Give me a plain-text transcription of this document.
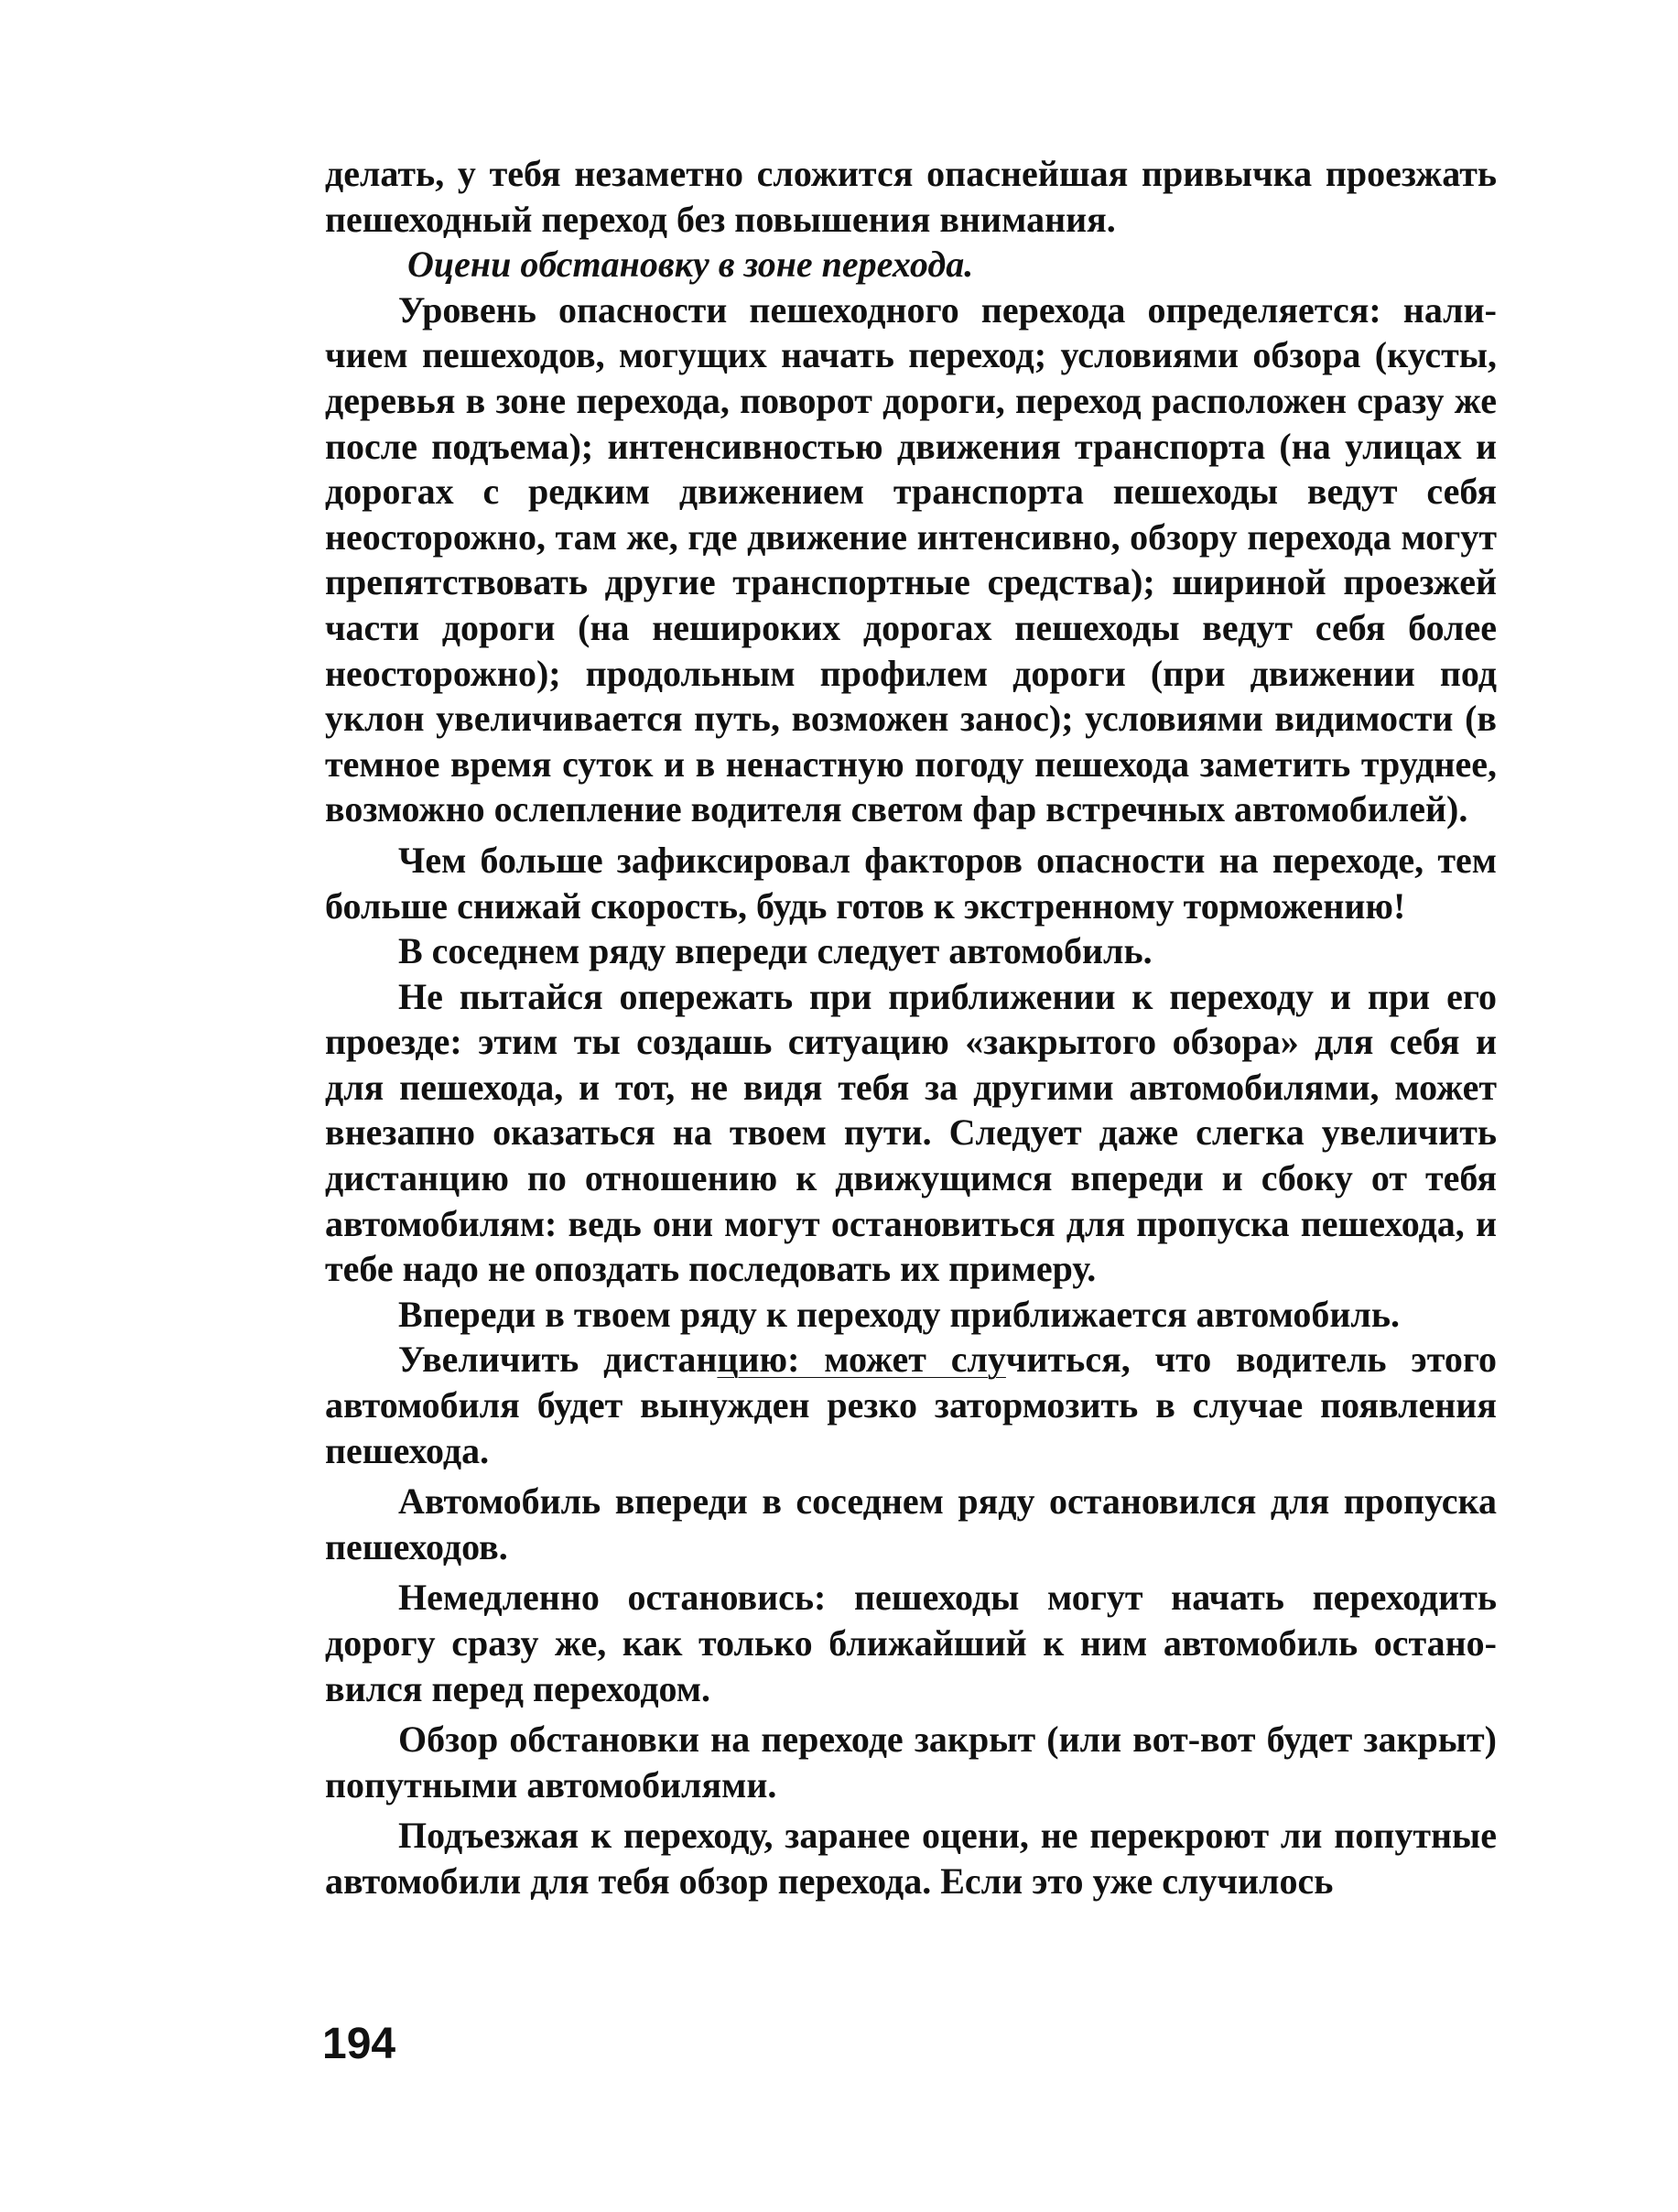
делать, у тебя незаметно сложится опаснейшая привычка проезжать пешеходный переход без повышения внимания.

Оцени обстановку в зоне перехода.

Уровень опасности пешеходного перехода определяется: наличием пешеходов, могущих начать переход; условиями обзора (кусты, деревья в зоне перехода, поворот дороги, переход расположен сразу же после подъема); интенсивностью движения транспорта (на улицах и дорогах с редким движением транспорта пешеходы ведут себя неосторожно, там же, где движение интенсивно, обзору перехода могут препятствовать другие транспортные средства); шириной проезжей части дороги (на нешироких дорогах пешеходы ведут себя более неосторожно); продольным профилем дороги (при движении под уклон увеличивается путь, возможен занос); условиями видимости (в темное время суток и в ненастную погоду пешехода заметить труднее, возможно ослепление водителя светом фар встречных автомобилей).

Чем больше зафиксировал факторов опасности на переходе, тем больше снижай скорость, будь готов к экстренному торможению!

В соседнем ряду впереди следует автомобиль.

Не пытайся опережать при приближении к переходу и при его проезде: этим ты создашь ситуацию «закрытого обзора» для себя и для пешехода, и тот, не видя тебя за другими автомобилями, может внезапно оказаться на твоем пути. Следует даже слегка увеличить дистанцию по отношению к движущимся впереди и сбоку от тебя автомобилям: ведь они могут остановиться для пропуска пешехода, и тебе надо не опоздать последовать их примеру.

Впереди в твоем ряду к переходу приближается автомобиль.

Увеличить дистанцию: может случиться, что водитель этого автомобиля будет вынужден резко затормозить в случае появления пешехода.

Автомобиль впереди в соседнем ряду остановился для пропуска пешеходов.

Немедленно остановись: пешеходы могут начать переходить дорогу сразу же, как только ближайший к ним автомобиль остановился перед переходом.

Обзор обстановки на переходе закрыт (или вот-вот будет закрыт) попутными автомобилями.

Подъезжая к переходу, заранее оцени, не перекроют ли попутные автомобили для тебя обзор перехода. Если это уже случилось

194
